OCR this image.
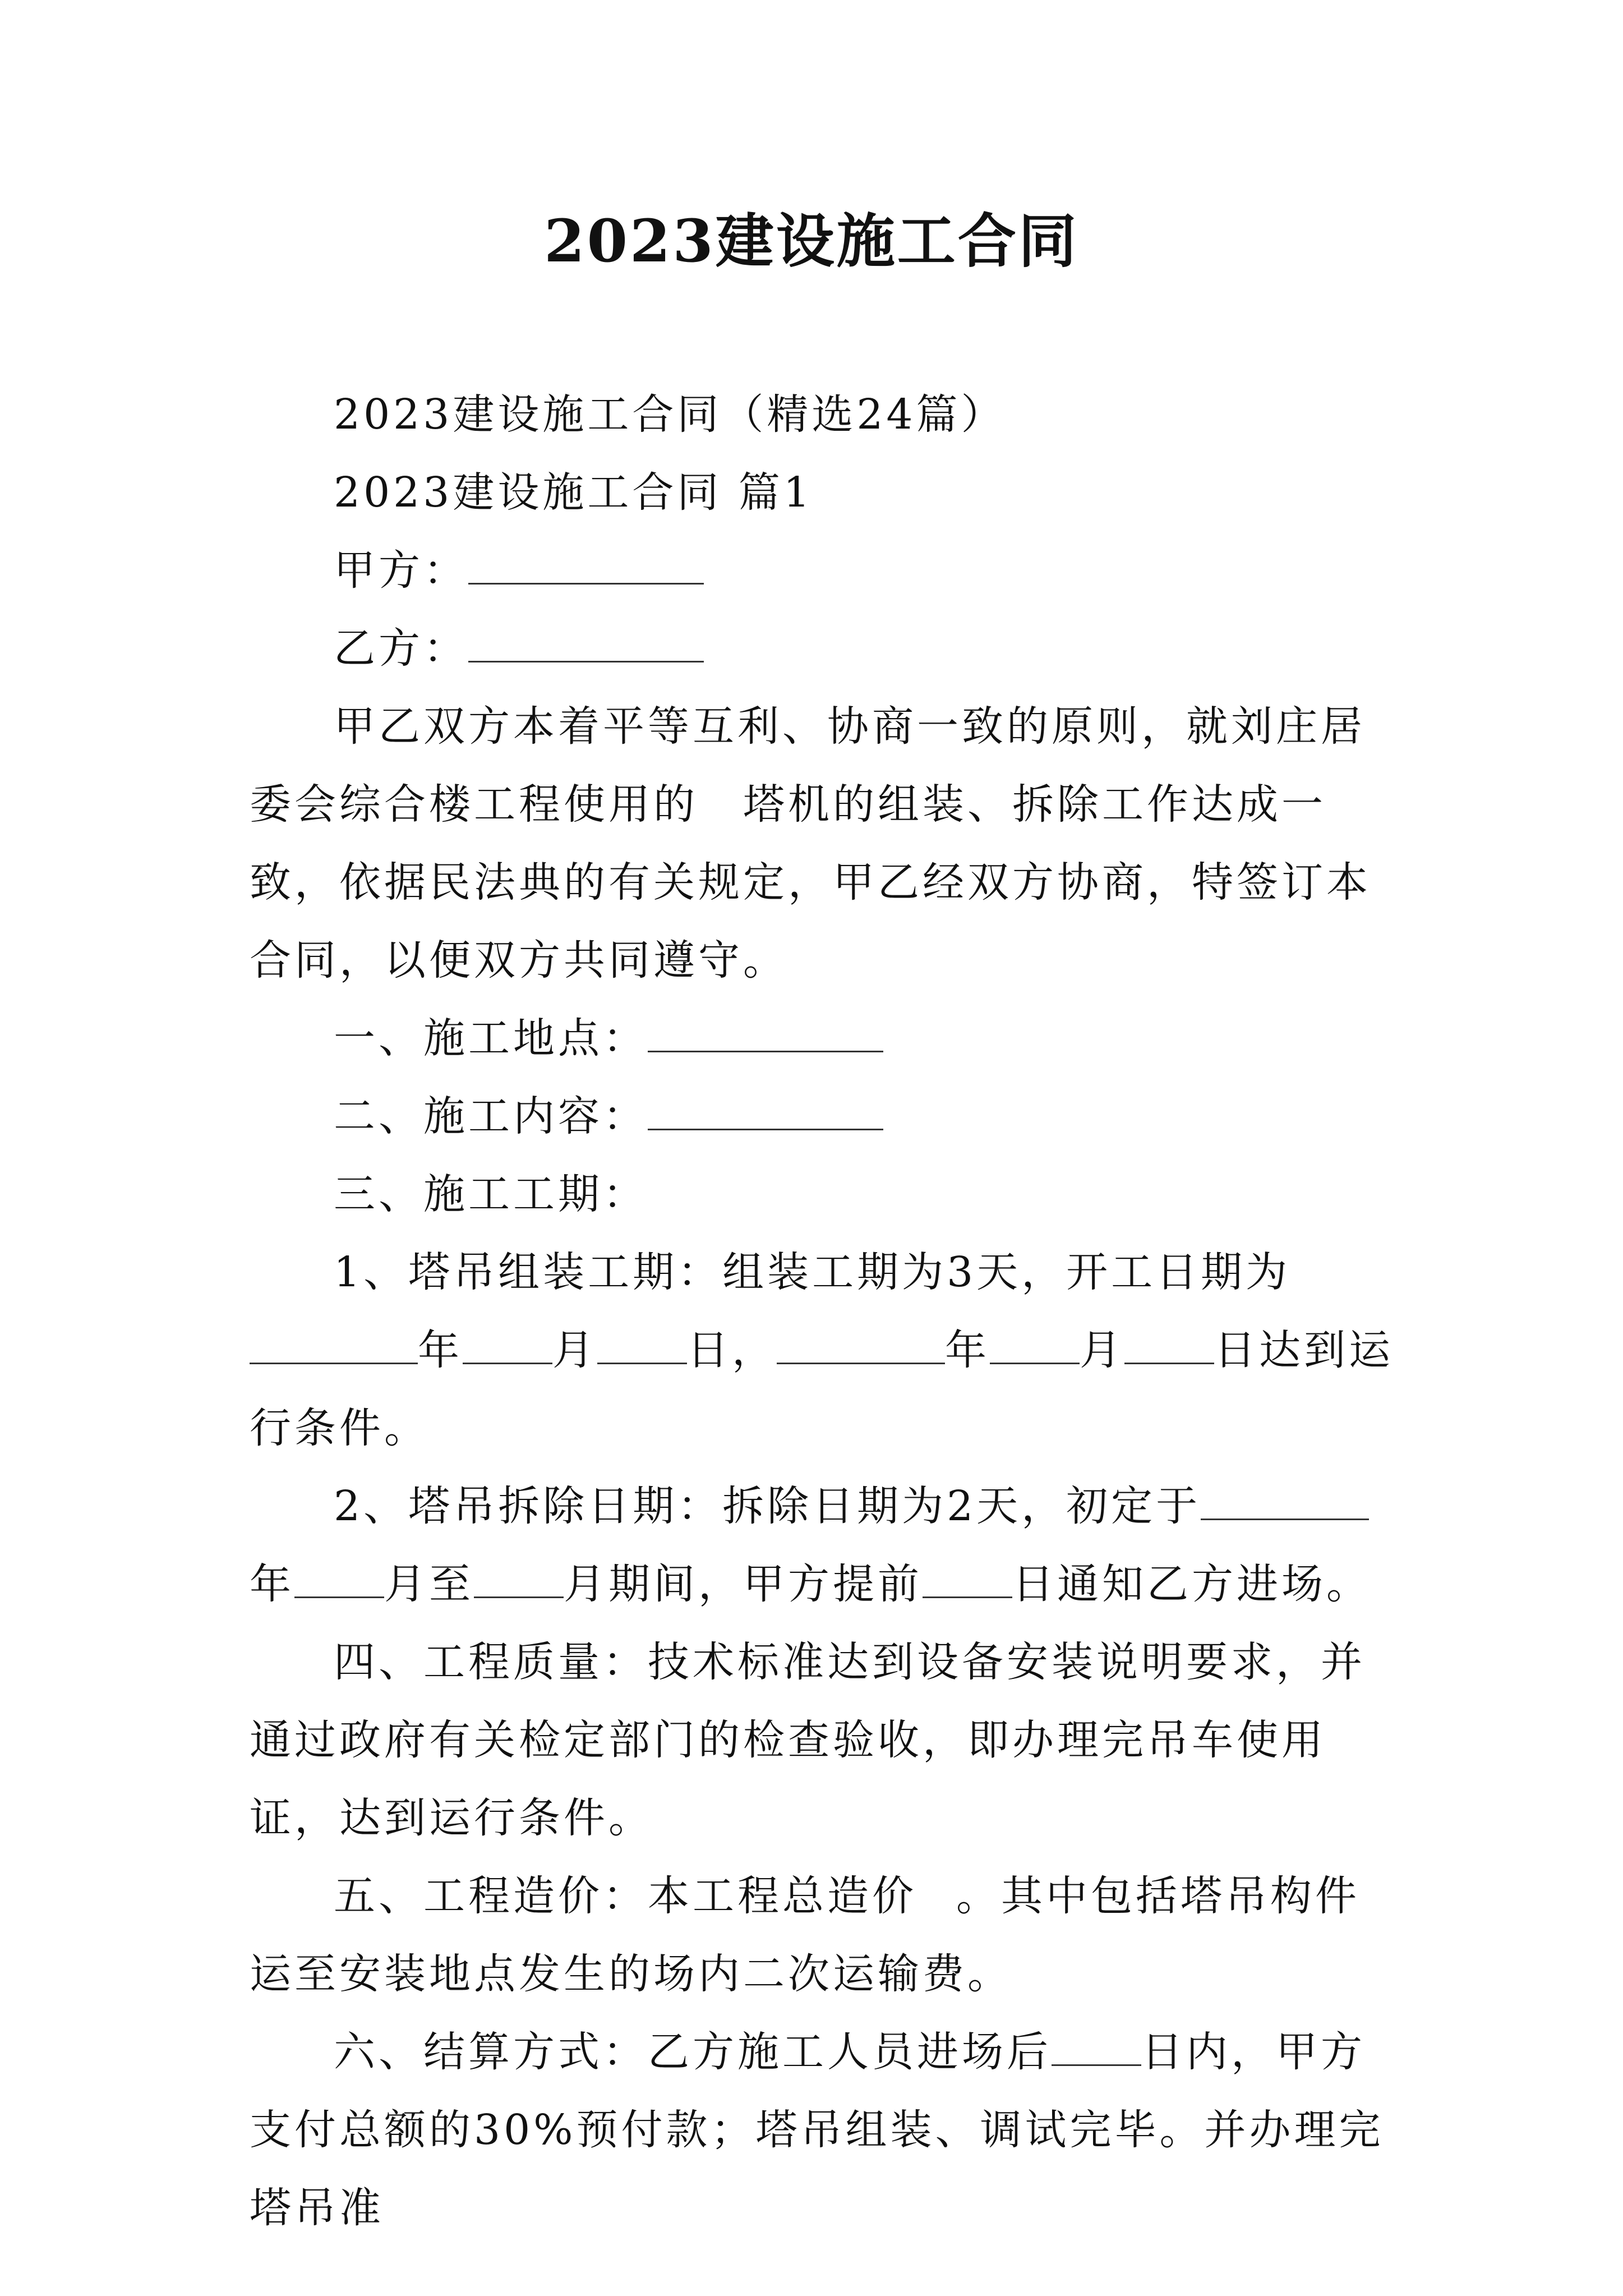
2023建设施工合同

2023建设施工合同（精选24篇）

2023建设施工合同 篇1

甲方：

乙方：

甲乙双方本着平等互利、协商一致的原则，就刘庄居委会综合楼工程使用的　塔机的组装、拆除工作达成一致，依据民法典的有关规定，甲乙经双方协商，特签订本合同，以便双方共同遵守。

一、施工地点：

二、施工内容：

三、施工工期：

1、塔吊组装工期：组装工期为3天，开工日期为年 月 日，	年 月 日达到运行条件。

2、塔吊拆除日期：拆除日期为2天，初定于年 月至 月期间，甲方提前 日通知乙方进场。

四、工程质量：技术标准达到设备安装说明要求，并通过政府有关检定部门的检查验收，即办理完吊车使用证，达到运行条件。

五、工程造价：本工程总造价 。其中包括塔吊构件运至安装地点发生的场内二次运输费。

六、结算方式：乙方施工人员进场后 日内，甲方支付总额的30%预付款；塔吊组装、调试完毕。并办理完塔吊准
